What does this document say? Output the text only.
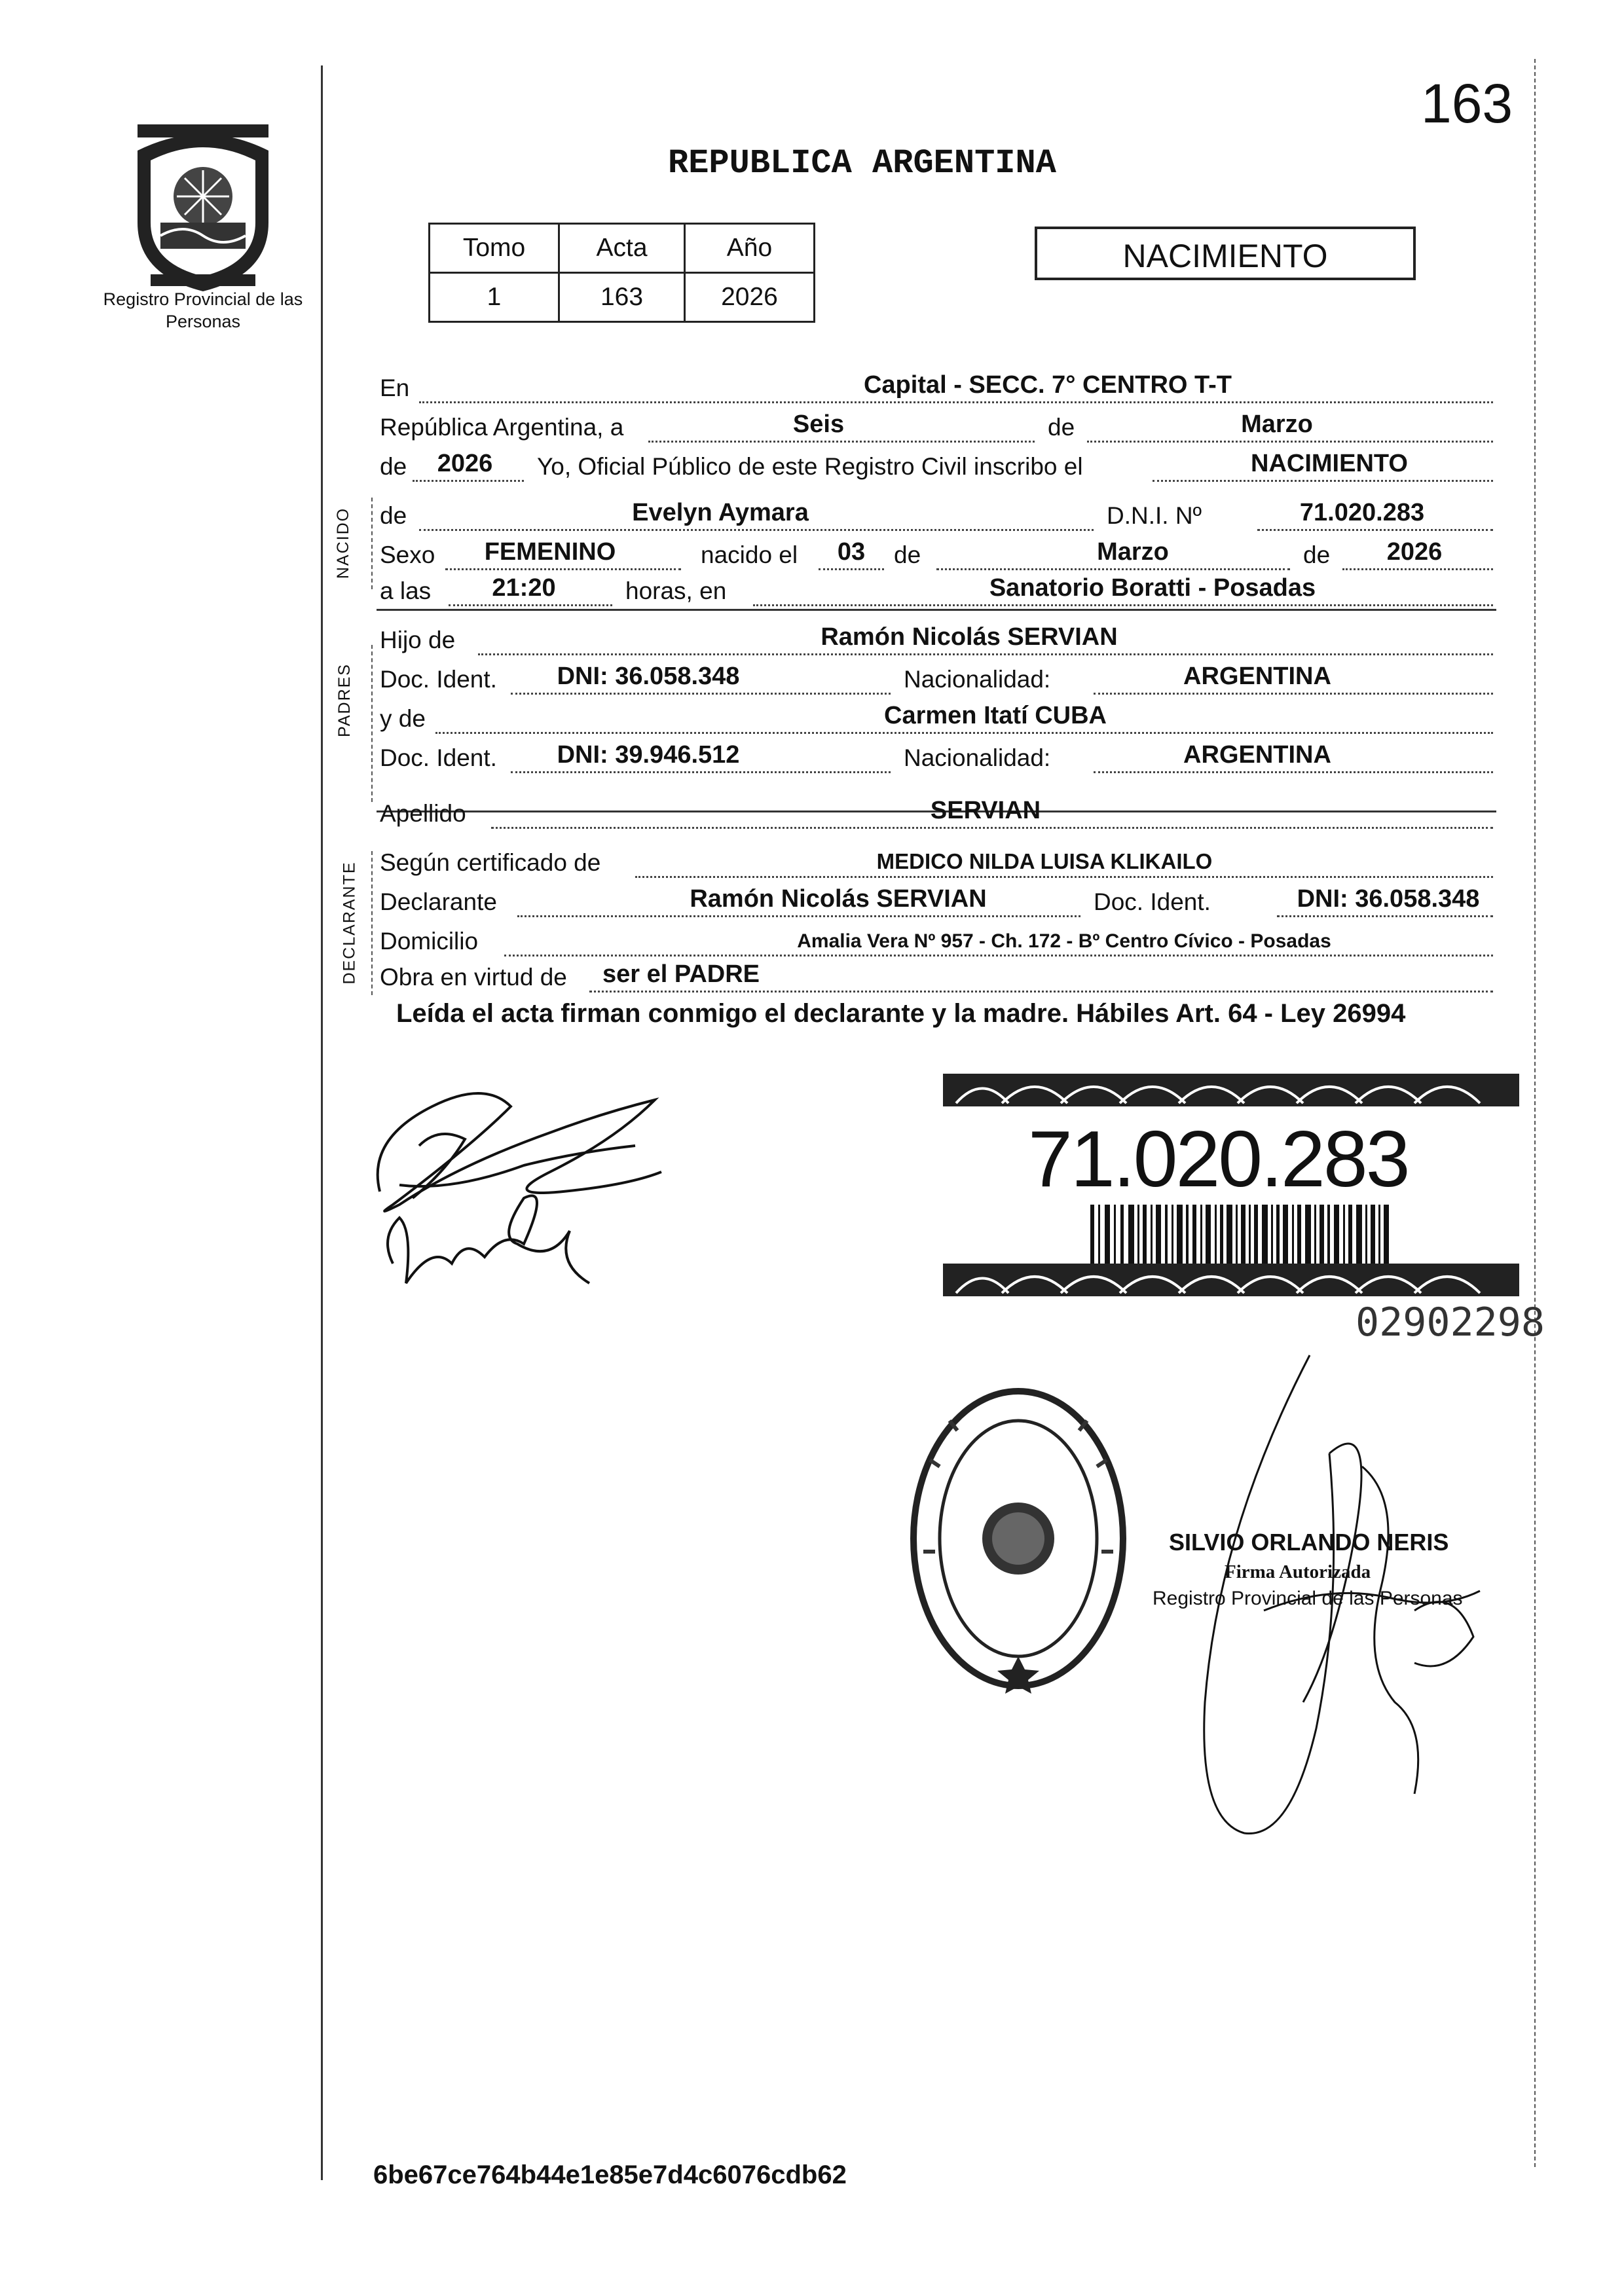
163
Registro Provincial de las Personas
REPUBLICA ARGENTINA
Tomo	Acta	Año
1	163	2026
NACIMIENTO
NACIDO
PADRES
DECLARANTE
En	Capital - SECC. 7° CENTRO T-T
República Argentina, a	Seis	de	Marzo
de 2026 Yo, Oficial Público de este Registro Civil inscribo el	NACIMIENTO
de	Evelyn Aymara	D.N.I. Nº	71.020.283
Sexo FEMENINO	nacido el 03 de	Marzo	de 2026
a las 21:20	horas, en	Sanatorio Boratti - Posadas
Hijo de	Ramón Nicolás SERVIAN
Doc. Ident. DNI: 36.058.348	Nacionalidad:	ARGENTINA
y de	Carmen Itatí CUBA
Doc. Ident. DNI: 39.946.512	Nacionalidad:	ARGENTINA
Apellido	SERVIAN
Según certificado de	MEDICO NILDA LUISA KLIKAILO
Declarante	Ramón Nicolás SERVIAN	Doc. Ident.	DNI: 36.058.348
Domicilio	Amalia Vera Nº 957 - Ch. 172 - Bº Centro Cívico - Posadas
Obra en virtud de ser el PADRE
Leída el acta firman conmigo el declarante y la madre. Hábiles Art. 64 - Ley 26994
71.020.283
02902298
SILVIO ORLANDO NERIS
Firma Autorizada
Registro Provincial de las Personas
6be67ce764b44e1e85e7d4c6076cdb62
